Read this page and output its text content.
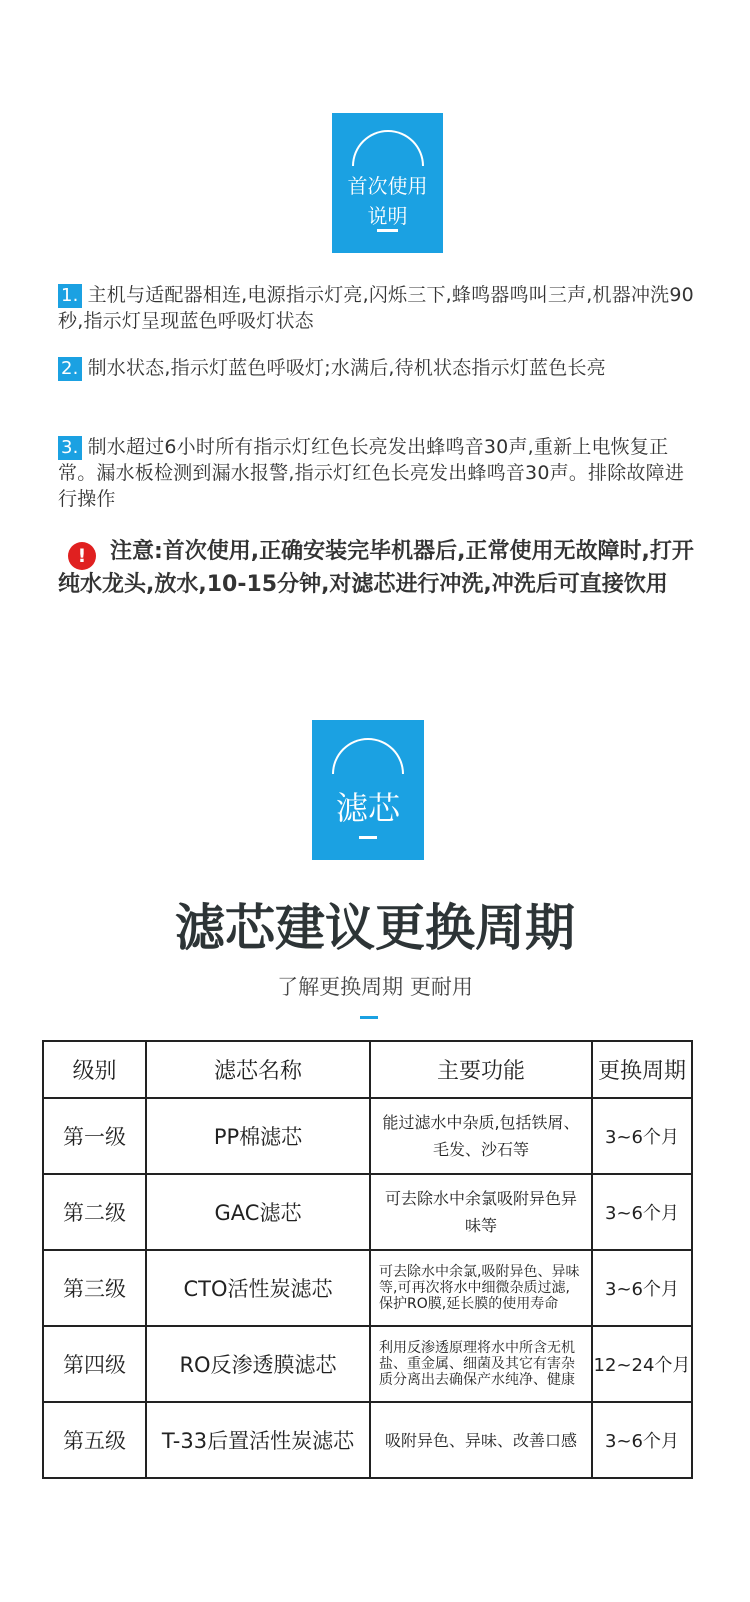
首次使用
说明
1. 主机与适配器相连,电源指示灯亮,闪烁三下,蜂鸣器鸣叫三声,机器冲洗90秒,指示灯呈现蓝色呼吸灯状态
2. 制水状态,指示灯蓝色呼吸灯;水满后,待机状态指示灯蓝色长亮
3. 制水超过6小时所有指示灯红色长亮发出蜂鸣音30声,重新上电恢复正常。漏水板检测到漏水报警,指示灯红色长亮发出蜂鸣音30声。排除故障进行操作
! 注意:首次使用,正确安装完毕机器后,正常使用无故障时,打开纯水龙头,放水,10-15分钟,对滤芯进行冲洗,冲洗后可直接饮用
滤芯
滤芯建议更换周期
了解更换周期 更耐用
级别	滤芯名称	主要功能	更换周期
第一级	PP棉滤芯	能过滤水中杂质,包括铁屑、毛发、沙石等	3~6个月
第二级	GAC滤芯	可去除水中余氯吸附异色异味等	3~6个月
第三级	CTO活性炭滤芯	可去除水中余氯,吸附异色、异味等,可再次将水中细微杂质过滤,保护RO膜,延长膜的使用寿命	3~6个月
第四级	RO反渗透膜滤芯	利用反渗透原理将水中所含无机盐、重金属、细菌及其它有害杂质分离出去确保产水纯净、健康	12~24个月
第五级	T-33后置活性炭滤芯	吸附异色、异味、改善口感	3~6个月
